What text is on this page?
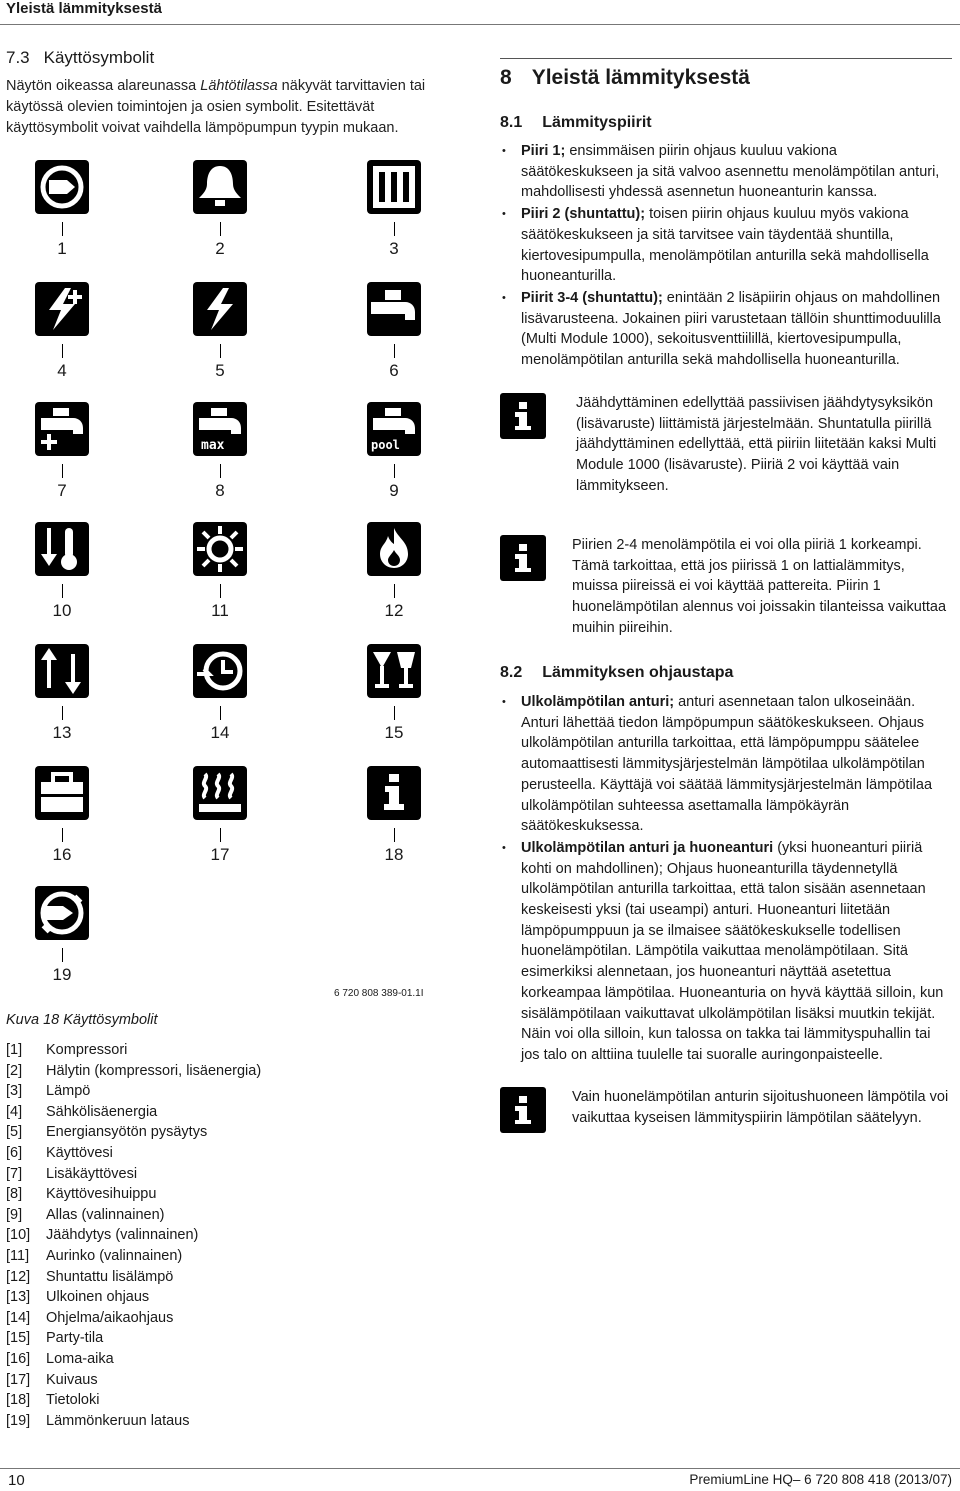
Yleistä lämmityksestä
7.3 Käyttösymbolit

Näytön oikeassa alareunassa Lähtötilassa näkyvät tarvittavien tai käytössä olevien toimintojen ja osien symbolit. Esitettävät käyttösymbolit voivat vaihdella lämpöpumpun tyypin mukaan.

1	2	3
4	5	6
7
max
8
pool
9
10	11	12
13	14	15
16	17	18
19
6 720 808 389-01.1I
Kuva 18 Käyttösymbolit
[1]	Kompressori
[2]	Hälytin (kompressori, lisäenergia)
[3]	Lämpö
[4]	Sähkölisäenergia
[5]	Energiansyötön pysäytys
[6]	Käyttövesi
[7]	Lisäkäyttövesi
[8]	Käyttövesihuippu
[9]	Allas (valinnainen)
[10]	Jäähdytys (valinnainen)
[11]	Aurinko (valinnainen)
[12]	Shuntattu lisälämpö
[13]	Ulkoinen ohjaus
[14]	Ohjelma/aikaohjaus
[15]	Party-tila
[16]	Loma-aika
[17]	Kuivaus
[18]	Tietoloki
[19]	Lämmönkeruun lataus
8 Yleistä lämmityksestä
8.1 Lämmityspiirit
• Piiri 1; ensimmäisen piirin ohjaus kuuluu vakiona säätökeskukseen ja sitä valvoo asennettu menolämpötilan anturi, mahdollisesti yhdessä asennetun huoneanturin kanssa.
• Piiri 2 (shuntattu); toisen piirin ohjaus kuuluu myös vakiona säätökeskukseen ja sitä tarvitsee vain täydentää shuntilla, kiertovesipumpulla, menolämpötilan anturilla sekä mahdollisella huoneanturilla.
• Piirit 3-4 (shuntattu); enintään 2 lisäpiirin ohjaus on mahdollinen lisävarusteena. Jokainen piiri varustetaan tällöin shunttimoduulilla (Multi Module 1000), sekoitusventtiilillä, kiertovesipumpulla, menolämpötilan anturilla sekä mahdollisella huoneanturilla.
Jäähdyttäminen edellyttää passiivisen jäähdytysyksikön (lisävaruste) liittämistä järjestelmään. Shuntatulla piirillä jäähdyttäminen edellyttää, että piiriin liitetään kaksi Multi Module 1000 (lisävaruste). Piiriä 2 voi käyttää vain lämmitykseen.
Piirien 2-4 menolämpötila ei voi olla piiriä 1 korkeampi. Tämä tarkoittaa, että jos piirissä 1 on lattialämmitys, muissa piireissä ei voi käyttää pattereita. Piirin 1 huonelämpötilan alennus voi joissakin tilanteissa vaikuttaa muihin piireihin.
8.2 Lämmityksen ohjaustapa
• Ulkolämpötilan anturi; anturi asennetaan talon ulkoseinään. Anturi lähettää tiedon lämpöpumpun säätökeskukseen. Ohjaus ulkolämpötilan anturilla tarkoittaa, että lämpöpumppu säätelee automaattisesti lämmitysjärjestelmän lämpötilaa ulkolämpötilan perusteella. Käyttäjä voi säätää lämmitysjärjestelmän lämpötilaa ulkolämpötilan suhteessa asettamalla lämpökäyrän säätökeskuksessa.
• Ulkolämpötilan anturi ja huoneanturi (yksi huoneanturi piiriä kohti on mahdollinen); Ohjaus huoneanturilla täydennetyllä ulkolämpötilan anturilla tarkoittaa, että talon sisään asennetaan keskeisesti yksi (tai useampi) anturi. Huoneanturi liitetään lämpöpumppuun ja se ilmaisee säätökeskukselle todellisen huonelämpötilan. Lämpötila vaikuttaa menolämpötilaan. Sitä esimerkiksi alennetaan, jos huoneanturi näyttää asetettua korkeampaa lämpötilaa. Huoneanturia on hyvä käyttää silloin, kun sisälämpötilaan vaikuttavat ulkolämpötilan lisäksi muutkin tekijät. Näin voi olla silloin, kun talossa on takka tai lämmityspuhallin tai jos talo on alttiina tuulelle tai suoralle auringonpaisteelle.
Vain huonelämpötilan anturin sijoitushuoneen lämpötila voi vaikuttaa kyseisen lämmityspiirin lämpötilan säätelyyn.
10	PremiumLine HQ– 6 720 808 418 (2013/07)
